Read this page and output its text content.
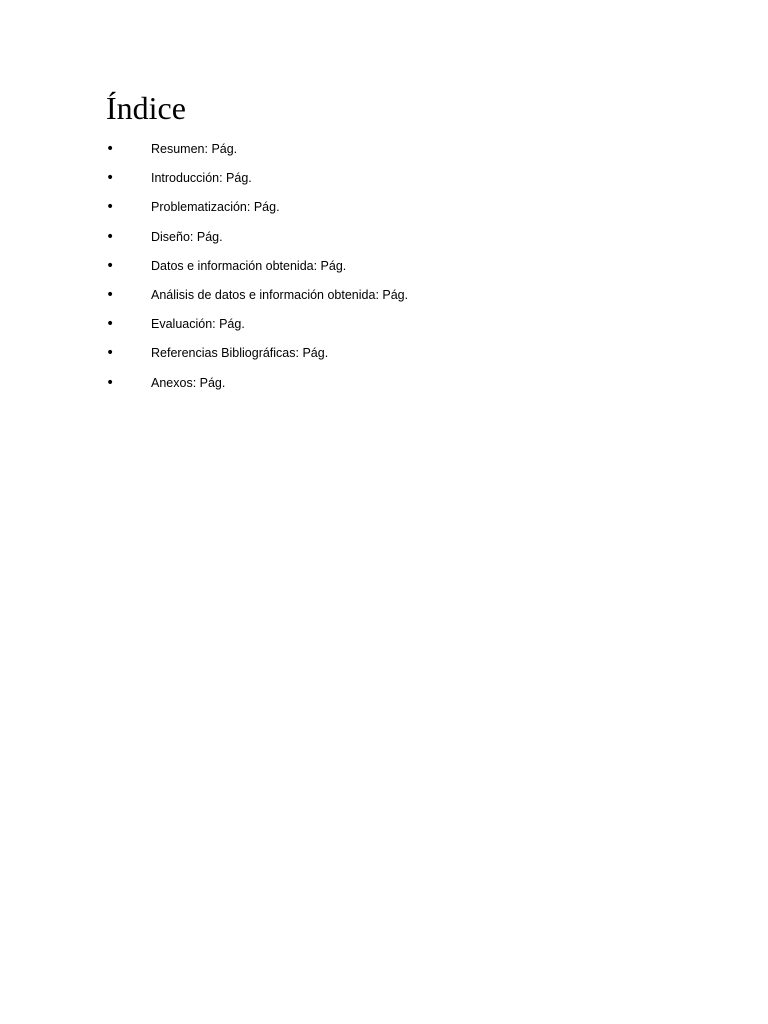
Índice
•	Resumen: Pág.
•	Introducción: Pág.
•	Problematización: Pág.
•	Diseño: Pág.
•	Datos e información obtenida: Pág.
•	Análisis de datos e información obtenida: Pág.
•	Evaluación: Pág.
•	Referencias Bibliográficas: Pág.
•	Anexos: Pág.
